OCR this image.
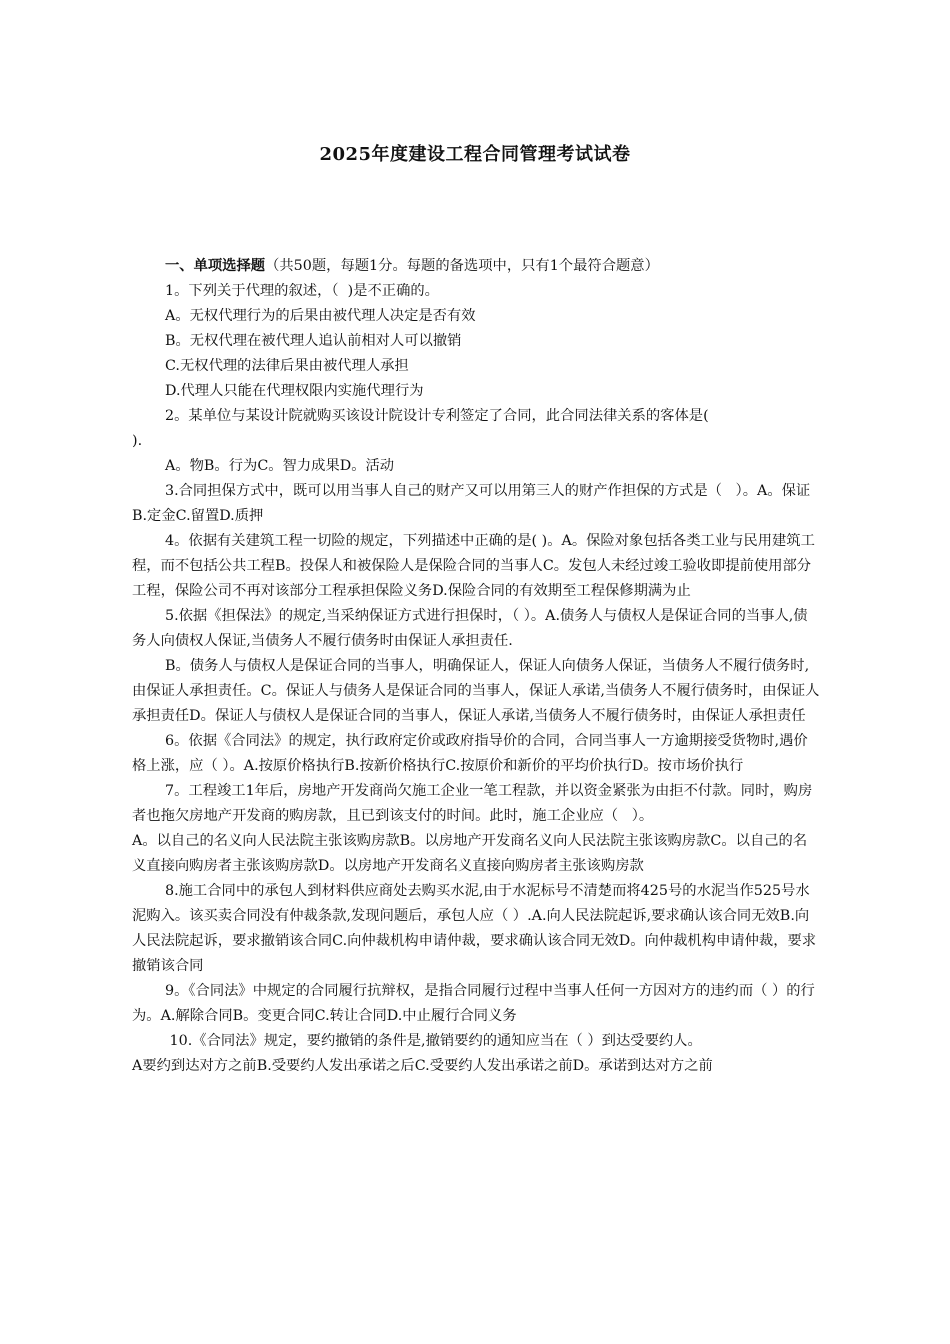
2025年度建设工程合同管理考试试卷

一、单项选择题（共50题，每题1分。每题的备选项中，只有1个最符合题意）

1。下列关于代理的叙述，（  )是不正确的。

A。无权代理行为的后果由被代理人决定是否有效

B。无权代理在被代理人追认前相对人可以撤销

C.无权代理的法律后果由被代理人承担

D.代理人只能在代理权限内实施代理行为

2。某单位与某设计院就购买该设计院设计专利签定了合同，此合同法律关系的客体是(                         ).

A。物B。行为C。智力成果D。活动

3.合同担保方式中，既可以用当事人自己的财产又可以用第三人的财产作担保的方式是（   ）。A。保证B.定金C.留置D.质押

4。依据有关建筑工程一切险的规定，下列描述中正确的是( )。A。保险对象包括各类工业与民用建筑工程，而不包括公共工程B。投保人和被保险人是保险合同的当事人C。发包人未经过竣工验收即提前使用部分工程，保险公司不再对该部分工程承担保险义务D.保险合同的有效期至工程保修期满为止

5.依据《担保法》的规定,当采纳保证方式进行担保时，（ ）。A.债务人与债权人是保证合同的当事人,债务人向债权人保证,当债务人不履行债务时由保证人承担责任.

B。债务人与债权人是保证合同的当事人，明确保证人，保证人向债务人保证，当债务人不履行债务时,由保证人承担责任。C。保证人与债务人是保证合同的当事人，保证人承诺,当债务人不履行债务时，由保证人承担责任D。保证人与债权人是保证合同的当事人，保证人承诺,当债务人不履行债务时，由保证人承担责任

6。依据《合同法》的规定，执行政府定价或政府指导价的合同，合同当事人一方逾期接受货物时,遇价格上涨，应（ ）。A.按原价格执行B.按新价格执行C.按原价和新价的平均价执行D。按市场价执行

7。工程竣工1年后，房地产开发商尚欠施工企业一笔工程款，并以资金紧张为由拒不付款。同时，购房者也拖欠房地产开发商的购房款，且已到该支付的时间。此时，施工企业应（   ）。

A。以自己的名义向人民法院主张该购房款B。以房地产开发商名义向人民法院主张该购房款C。以自己的名义直接向购房者主张该购房款D。以房地产开发商名义直接向购房者主张该购房款

8.施工合同中的承包人到材料供应商处去购买水泥,由于水泥标号不清楚而将425号的水泥当作525号水泥购入。该买卖合同没有仲裁条款,发现问题后，承包人应（ ）.A.向人民法院起诉,要求确认该合同无效B.向人民法院起诉，要求撤销该合同C.向仲裁机构申请仲裁，要求确认该合同无效D。向仲裁机构申请仲裁，要求撤销该合同

9。《合同法》中规定的合同履行抗辩权，是指合同履行过程中当事人任何一方因对方的违约而（ ）的行为。A.解除合同B。变更合同C.转让合同D.中止履行合同义务

10.《合同法》规定，要约撤销的条件是,撤销要约的通知应当在（ ）到达受要约人。

A要约到达对方之前B.受要约人发出承诺之后C.受要约人发出承诺之前D。承诺到达对方之前
